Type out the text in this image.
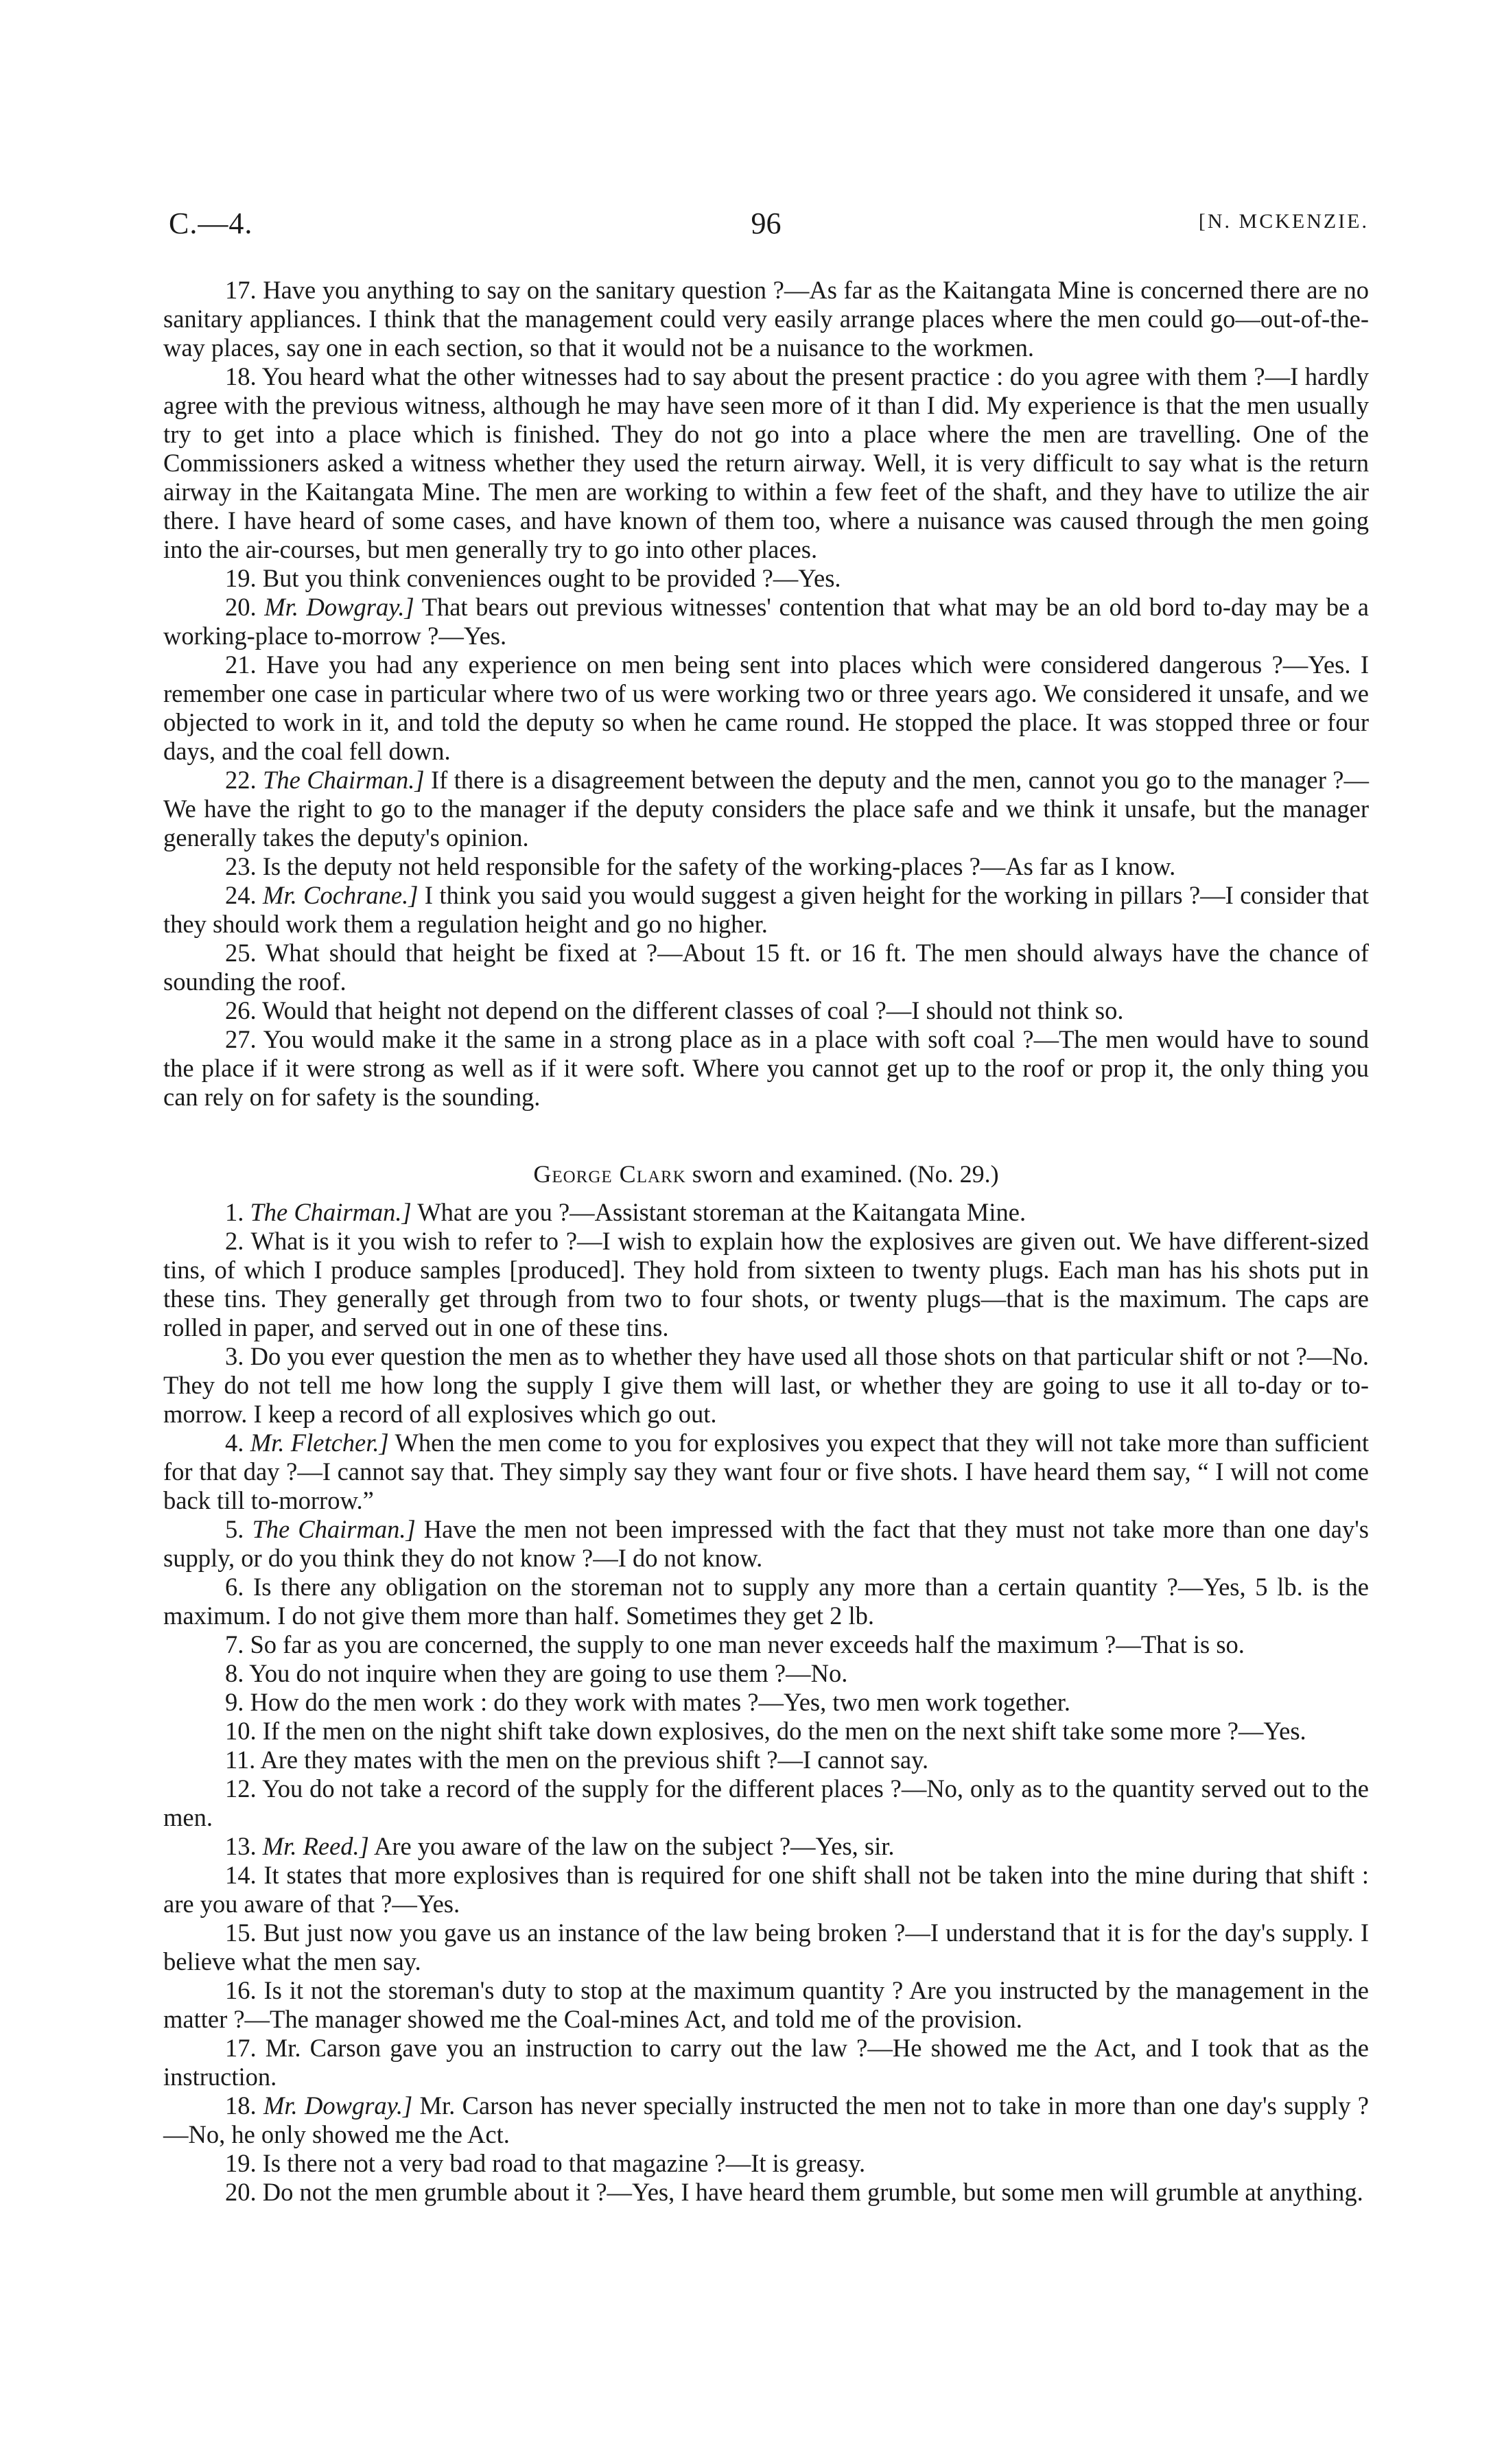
C.—4.	96	[N. MCKENZIE.

17. Have you anything to say on the sanitary question ?—As far as the Kaitangata Mine is concerned there are no sanitary appliances. I think that the management could very easily arrange places where the men could go—out-of-the-way places, say one in each section, so that it would not be a nuisance to the workmen.

18. You heard what the other witnesses had to say about the present practice : do you agree with them ?—I hardly agree with the previous witness, although he may have seen more of it than I did. My experience is that the men usually try to get into a place which is finished. They do not go into a place where the men are travelling. One of the Commissioners asked a witness whether they used the return airway. Well, it is very difficult to say what is the return airway in the Kaitangata Mine. The men are working to within a few feet of the shaft, and they have to utilize the air there. I have heard of some cases, and have known of them too, where a nuisance was caused through the men going into the air-courses, but men generally try to go into other places.

19. But you think conveniences ought to be provided ?—Yes.

20. Mr. Dowgray.] That bears out previous witnesses' contention that what may be an old bord to-day may be a working-place to-morrow ?—Yes.

21. Have you had any experience on men being sent into places which were considered dangerous ?—Yes. I remember one case in particular where two of us were working two or three years ago. We considered it unsafe, and we objected to work in it, and told the deputy so when he came round. He stopped the place. It was stopped three or four days, and the coal fell down.

22. The Chairman.] If there is a disagreement between the deputy and the men, cannot you go to the manager ?—We have the right to go to the manager if the deputy considers the place safe and we think it unsafe, but the manager generally takes the deputy's opinion.

23. Is the deputy not held responsible for the safety of the working-places ?—As far as I know.

24. Mr. Cochrane.] I think you said you would suggest a given height for the working in pillars ?—I consider that they should work them a regulation height and go no higher.

25. What should that height be fixed at ?—About 15 ft. or 16 ft. The men should always have the chance of sounding the roof.

26. Would that height not depend on the different classes of coal ?—I should not think so.

27. You would make it the same in a strong place as in a place with soft coal ?—The men would have to sound the place if it were strong as well as if it were soft. Where you cannot get up to the roof or prop it, the only thing you can rely on for safety is the sounding.

George Clark sworn and examined. (No. 29.)

1. The Chairman.] What are you ?—Assistant storeman at the Kaitangata Mine.

2. What is it you wish to refer to ?—I wish to explain how the explosives are given out. We have different-sized tins, of which I produce samples [produced]. They hold from sixteen to twenty plugs. Each man has his shots put in these tins. They generally get through from two to four shots, or twenty plugs—that is the maximum. The caps are rolled in paper, and served out in one of these tins.

3. Do you ever question the men as to whether they have used all those shots on that particular shift or not ?—No. They do not tell me how long the supply I give them will last, or whether they are going to use it all to-day or to-morrow. I keep a record of all explosives which go out.

4. Mr. Fletcher.] When the men come to you for explosives you expect that they will not take more than sufficient for that day ?—I cannot say that. They simply say they want four or five shots. I have heard them say, “ I will not come back till to-morrow.”

5. The Chairman.] Have the men not been impressed with the fact that they must not take more than one day's supply, or do you think they do not know ?—I do not know.

6. Is there any obligation on the storeman not to supply any more than a certain quantity ?—Yes, 5 lb. is the maximum. I do not give them more than half. Sometimes they get 2 lb.

7. So far as you are concerned, the supply to one man never exceeds half the maximum ?—That is so.

8. You do not inquire when they are going to use them ?—No.

9. How do the men work : do they work with mates ?—Yes, two men work together.

10. If the men on the night shift take down explosives, do the men on the next shift take some more ?—Yes.

11. Are they mates with the men on the previous shift ?—I cannot say.

12. You do not take a record of the supply for the different places ?—No, only as to the quantity served out to the men.

13. Mr. Reed.] Are you aware of the law on the subject ?—Yes, sir.

14. It states that more explosives than is required for one shift shall not be taken into the mine during that shift : are you aware of that ?—Yes.

15. But just now you gave us an instance of the law being broken ?—I understand that it is for the day's supply. I believe what the men say.

16. Is it not the storeman's duty to stop at the maximum quantity ? Are you instructed by the management in the matter ?—The manager showed me the Coal-mines Act, and told me of the provision.

17. Mr. Carson gave you an instruction to carry out the law ?—He showed me the Act, and I took that as the instruction.

18. Mr. Dowgray.] Mr. Carson has never specially instructed the men not to take in more than one day's supply ?—No, he only showed me the Act.

19. Is there not a very bad road to that magazine ?—It is greasy.

20. Do not the men grumble about it ?—Yes, I have heard them grumble, but some men will grumble at anything.
